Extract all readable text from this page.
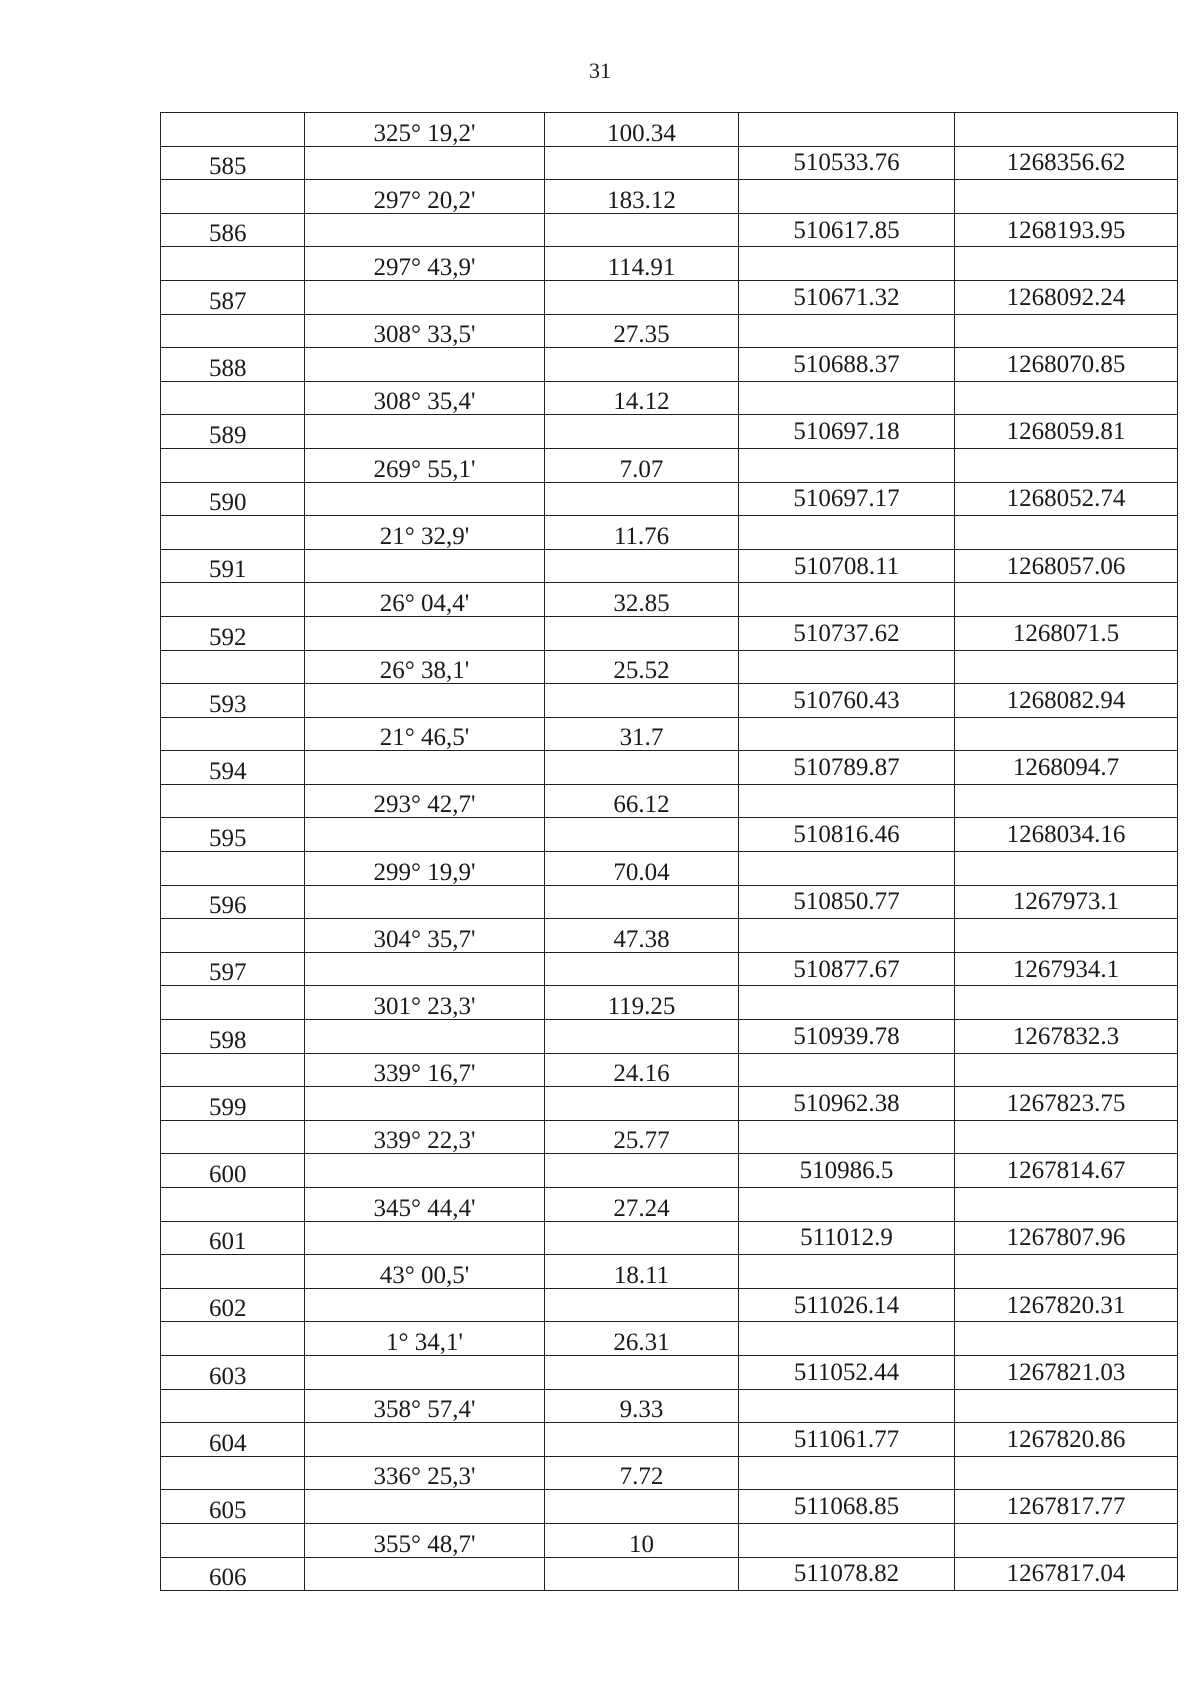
31
	325° 19,2'	100.34		
585			510533.76	1268356.62
	297° 20,2'	183.12		
586			510617.85	1268193.95
	297° 43,9'	114.91		
587			510671.32	1268092.24
	308° 33,5'	27.35		
588			510688.37	1268070.85
	308° 35,4'	14.12		
589			510697.18	1268059.81
	269° 55,1'	7.07		
590			510697.17	1268052.74
	21° 32,9'	11.76		
591			510708.11	1268057.06
	26° 04,4'	32.85		
592			510737.62	1268071.5
	26° 38,1'	25.52		
593			510760.43	1268082.94
	21° 46,5'	31.7		
594			510789.87	1268094.7
	293° 42,7'	66.12		
595			510816.46	1268034.16
	299° 19,9'	70.04		
596			510850.77	1267973.1
	304° 35,7'	47.38		
597			510877.67	1267934.1
	301° 23,3'	119.25		
598			510939.78	1267832.3
	339° 16,7'	24.16		
599			510962.38	1267823.75
	339° 22,3'	25.77		
600			510986.5	1267814.67
	345° 44,4'	27.24		
601			511012.9	1267807.96
	43° 00,5'	18.11		
602			511026.14	1267820.31
	1° 34,1'	26.31		
603			511052.44	1267821.03
	358° 57,4'	9.33		
604			511061.77	1267820.86
	336° 25,3'	7.72		
605			511068.85	1267817.77
	355° 48,7'	10		
606			511078.82	1267817.04
